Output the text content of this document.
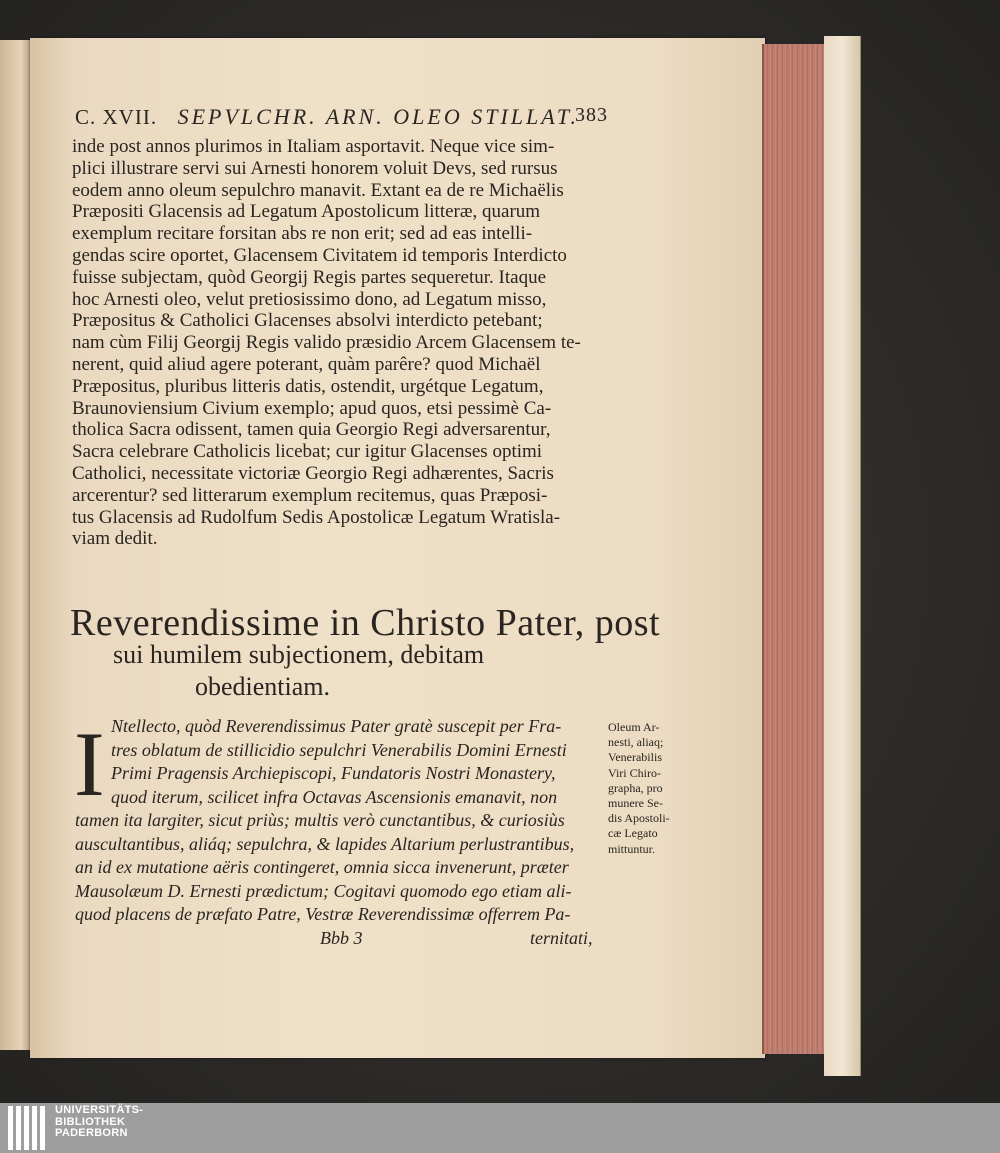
C. XVII. SEPVLCHR. ARN. OLEO STILLAT.
383
inde post annos plurimos in Italiam asportavit. Neque vice sim-
plici illustrare servi sui Arnesti honorem voluit Devs, sed rursus
eodem anno oleum sepulchro manavit. Extant ea de re Michaëlis
Præpositi Glacensis ad Legatum Apostolicum litteræ, quarum
exemplum recitare forsitan abs re non erit; sed ad eas intelli-
gendas scire oportet, Glacensem Civitatem id temporis Interdicto
fuisse subjectam, quòd Georgij Regis partes sequeretur. Itaque
hoc Arnesti oleo, velut pretiosissimo dono, ad Legatum misso,
Præpositus & Catholici Glacenses absolvi interdicto petebant;
nam cùm Filij Georgij Regis valido præsidio Arcem Glacensem te-
nerent, quid aliud agere poterant, quàm parêre? quod Michaël
Præpositus, pluribus litteris datis, ostendit, urgétque Legatum,
Braunoviensium Civium exemplo; apud quos, etsi pessimè Ca-
tholica Sacra odissent, tamen quia Georgio Regi adversarentur,
Sacra celebrare Catholicis licebat; cur igitur Glacenses optimi
Catholici, necessitate victoriæ Georgio Regi adhærentes, Sacris
arcerentur? sed litterarum exemplum recitemus, quas Præposi-
tus Glacensis ad Rudolfum Sedis Apostolicæ Legatum Wratisla-
viam dedit.
Reverendissime in Christo Pater, post
sui humilem subjectionem, debitam
obedientiam.
I Ntellecto, quòd Reverendissimus Pater gratè suscepit per Fra-
tres oblatum de stillicidio sepulchri Venerabilis Domini Ernesti
Primi Pragensis Archiepiscopi, Fundatoris Nostri Monastery,
quod iterum, scilicet infra Octavas Ascensionis emanavit, non
tamen ita largiter, sicut priùs; multis verò cunctantibus, & curiosiùs
auscultantibus, aliáq; sepulchra, & lapides Altarium perlustrantibus,
an id ex mutatione aëris contingeret, omnia sicca invenerunt, præter
Mausolæum D. Ernesti prædictum; Cogitavi quomodo ego etiam ali-
quod placens de præfato Patre, Vestræ Reverendissimæ offerrem Pa-
Oleum Ar-
nesti, aliaq;
Venerabilis
Viri Chiro-
grapha, pro
munere Se-
dis Apostoli-
cæ Legato
mittuntur.
Bbb 3	ternitati,
UNIVERSITÄTS-
BIBLIOTHEK
PADERBORN
